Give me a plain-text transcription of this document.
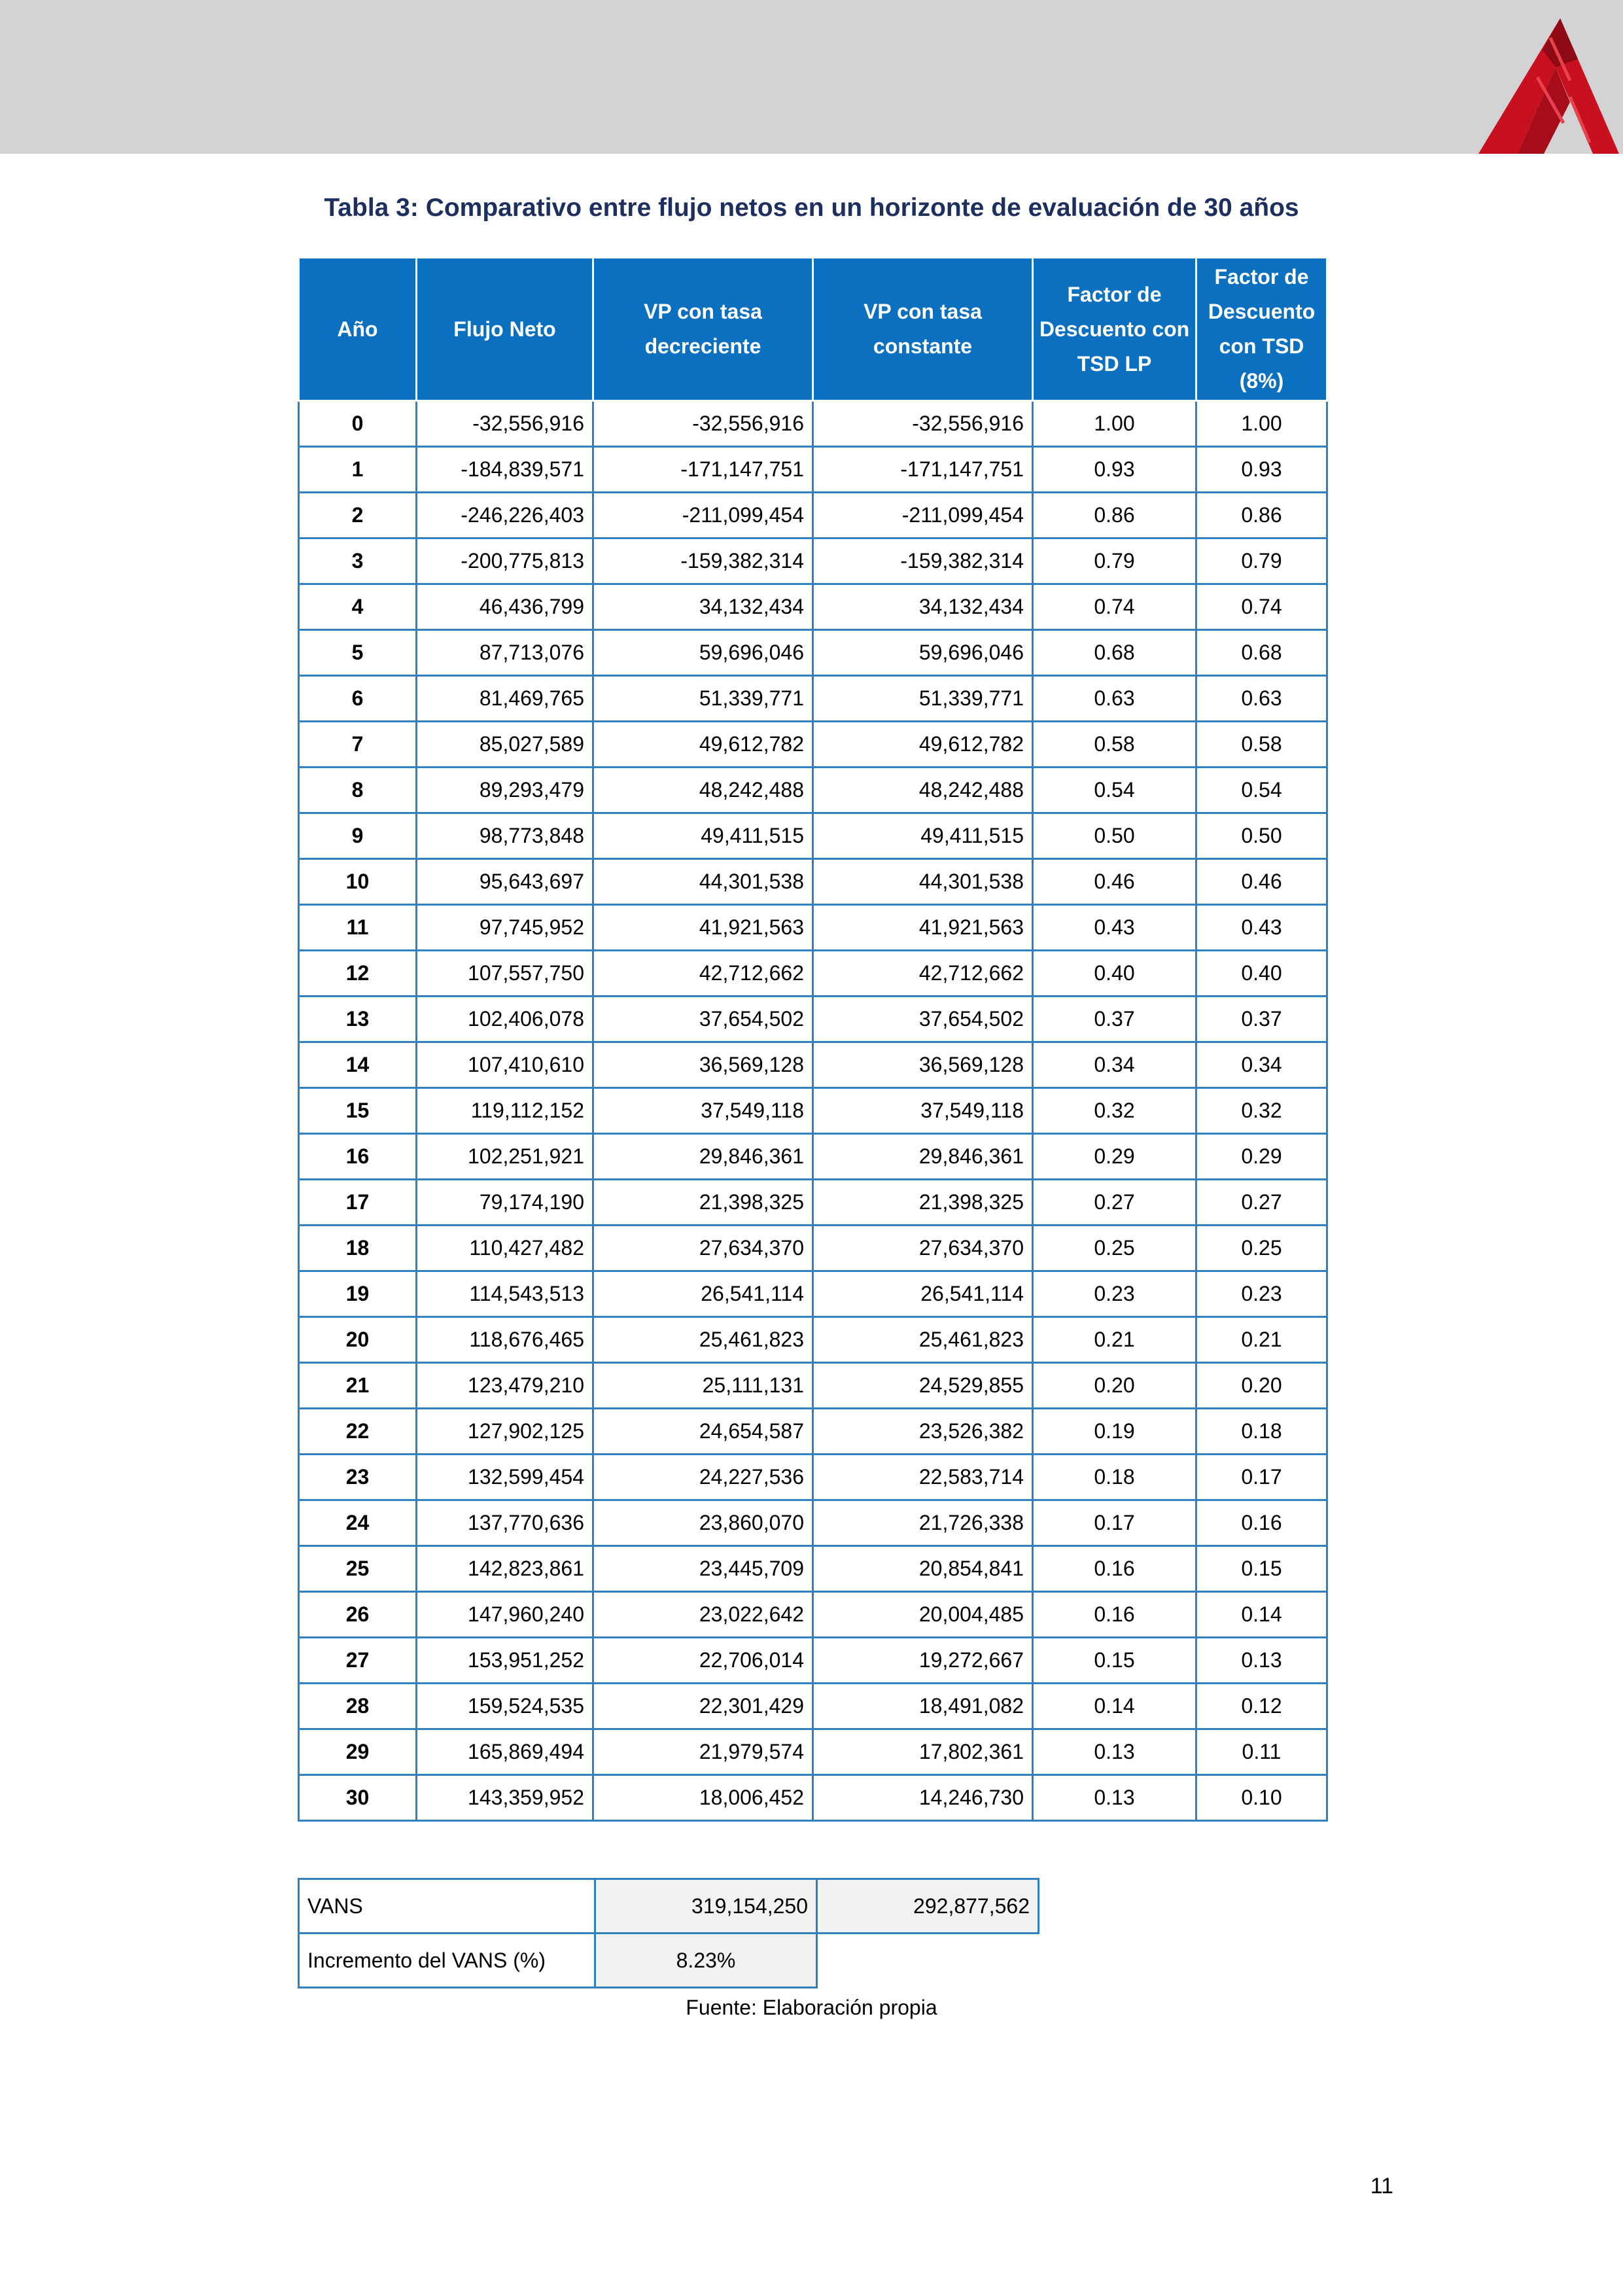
Tabla 3: Comparativo entre flujo netos en un horizonte de evaluación de 30 años
Año	Flujo Neto	VP con tasa decreciente	VP con tasa constante	Factor de Descuento con TSD LP	Factor de Descuento con TSD (8%)
0	-32,556,916	-32,556,916	-32,556,916	1.00	1.00
1	-184,839,571	-171,147,751	-171,147,751	0.93	0.93
2	-246,226,403	-211,099,454	-211,099,454	0.86	0.86
3	-200,775,813	-159,382,314	-159,382,314	0.79	0.79
4	46,436,799	34,132,434	34,132,434	0.74	0.74
5	87,713,076	59,696,046	59,696,046	0.68	0.68
6	81,469,765	51,339,771	51,339,771	0.63	0.63
7	85,027,589	49,612,782	49,612,782	0.58	0.58
8	89,293,479	48,242,488	48,242,488	0.54	0.54
9	98,773,848	49,411,515	49,411,515	0.50	0.50
10	95,643,697	44,301,538	44,301,538	0.46	0.46
11	97,745,952	41,921,563	41,921,563	0.43	0.43
12	107,557,750	42,712,662	42,712,662	0.40	0.40
13	102,406,078	37,654,502	37,654,502	0.37	0.37
14	107,410,610	36,569,128	36,569,128	0.34	0.34
15	119,112,152	37,549,118	37,549,118	0.32	0.32
16	102,251,921	29,846,361	29,846,361	0.29	0.29
17	79,174,190	21,398,325	21,398,325	0.27	0.27
18	110,427,482	27,634,370	27,634,370	0.25	0.25
19	114,543,513	26,541,114	26,541,114	0.23	0.23
20	118,676,465	25,461,823	25,461,823	0.21	0.21
21	123,479,210	25,111,131	24,529,855	0.20	0.20
22	127,902,125	24,654,587	23,526,382	0.19	0.18
23	132,599,454	24,227,536	22,583,714	0.18	0.17
24	137,770,636	23,860,070	21,726,338	0.17	0.16
25	142,823,861	23,445,709	20,854,841	0.16	0.15
26	147,960,240	23,022,642	20,004,485	0.16	0.14
27	153,951,252	22,706,014	19,272,667	0.15	0.13
28	159,524,535	22,301,429	18,491,082	0.14	0.12
29	165,869,494	21,979,574	17,802,361	0.13	0.11
30	143,359,952	18,006,452	14,246,730	0.13	0.10
VANS	319,154,250	292,877,562
Incremento del VANS (%)	8.23%	
Fuente: Elaboración propia
11
